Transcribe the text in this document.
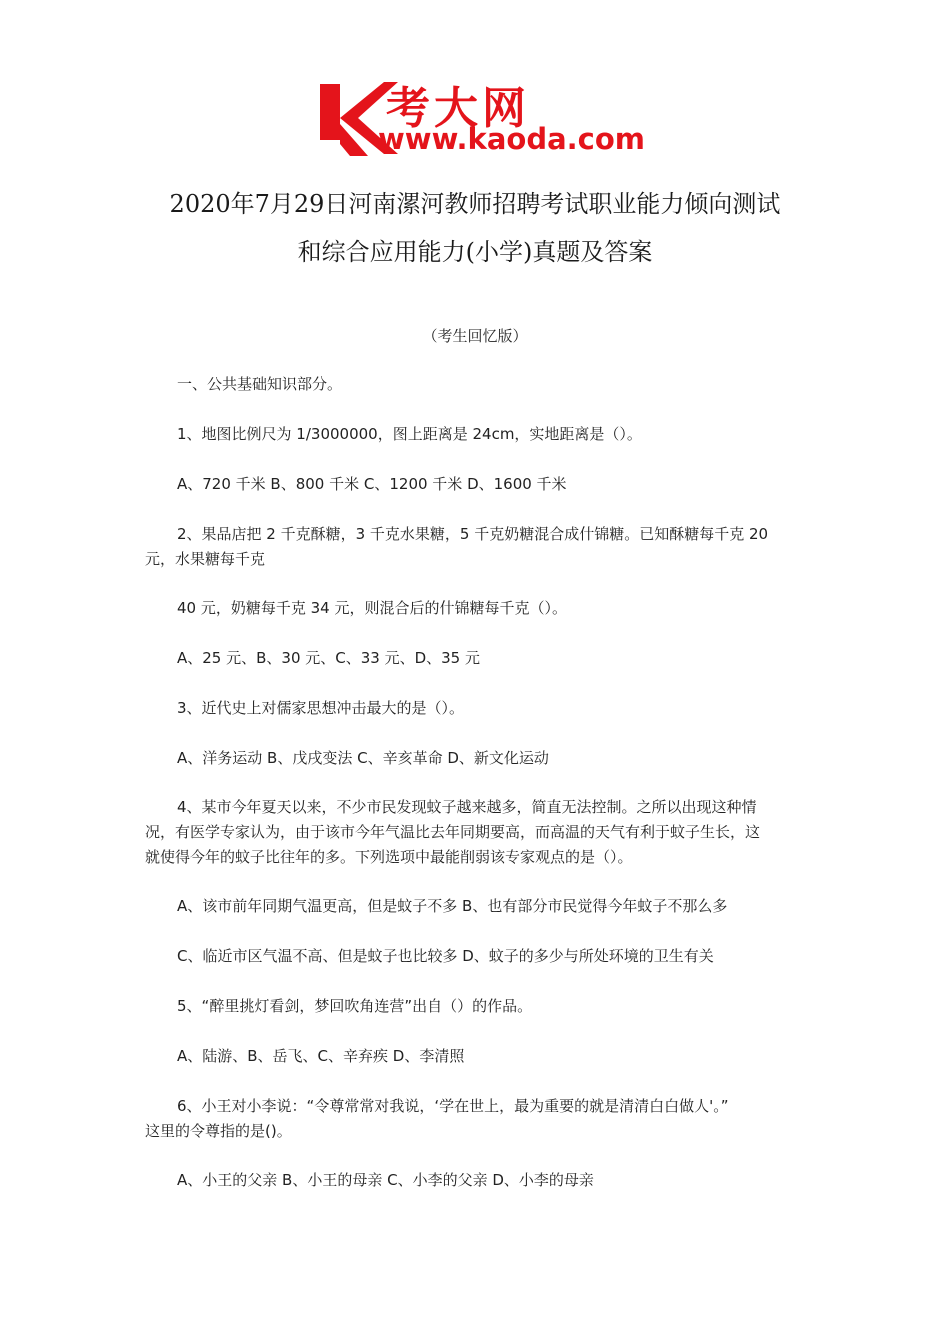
考大网
www.kaoda.com
2020年7月29日河南漯河教师招聘考试职业能力倾向测试
和综合应用能力(小学)真题及答案
（考生回忆版）
一、公共基础知识部分。
1、地图比例尺为 1/3000000，图上距离是 24cm，实地距离是（）。
A、720 千米 B、800 千米 C、1200 千米 D、1600 千米
2、果品店把 2 千克酥糖，3 千克水果糖，5 千克奶糖混合成什锦糖。已知酥糖每千克 20
元，水果糖每千克
40 元，奶糖每千克 34 元，则混合后的什锦糖每千克（）。
A、25 元、B、30 元、C、33 元、D、35 元
3、近代史上对儒家思想冲击最大的是（）。
A、洋务运动 B、戊戌变法 C、辛亥革命 D、新文化运动
4、某市今年夏天以来，不少市民发现蚊子越来越多，简直无法控制。之所以出现这种情
况，有医学专家认为，由于该市今年气温比去年同期要高，而高温的天气有利于蚊子生长，这
就使得今年的蚊子比往年的多。下列选项中最能削弱该专家观点的是（）。
A、该市前年同期气温更高，但是蚊子不多 B、也有部分市民觉得今年蚊子不那么多
C、临近市区气温不高、但是蚊子也比较多 D、蚊子的多少与所处环境的卫生有关
5、“醉里挑灯看剑，梦回吹角连营”出自（）的作品。
A、陆游、B、岳飞、C、辛弃疾 D、李清照
6、小王对小李说：“令尊常常对我说，‘学在世上，最为重要的就是清清白白做人'。”
这里的令尊指的是()。
A、小王的父亲 B、小王的母亲 C、小李的父亲 D、小李的母亲
